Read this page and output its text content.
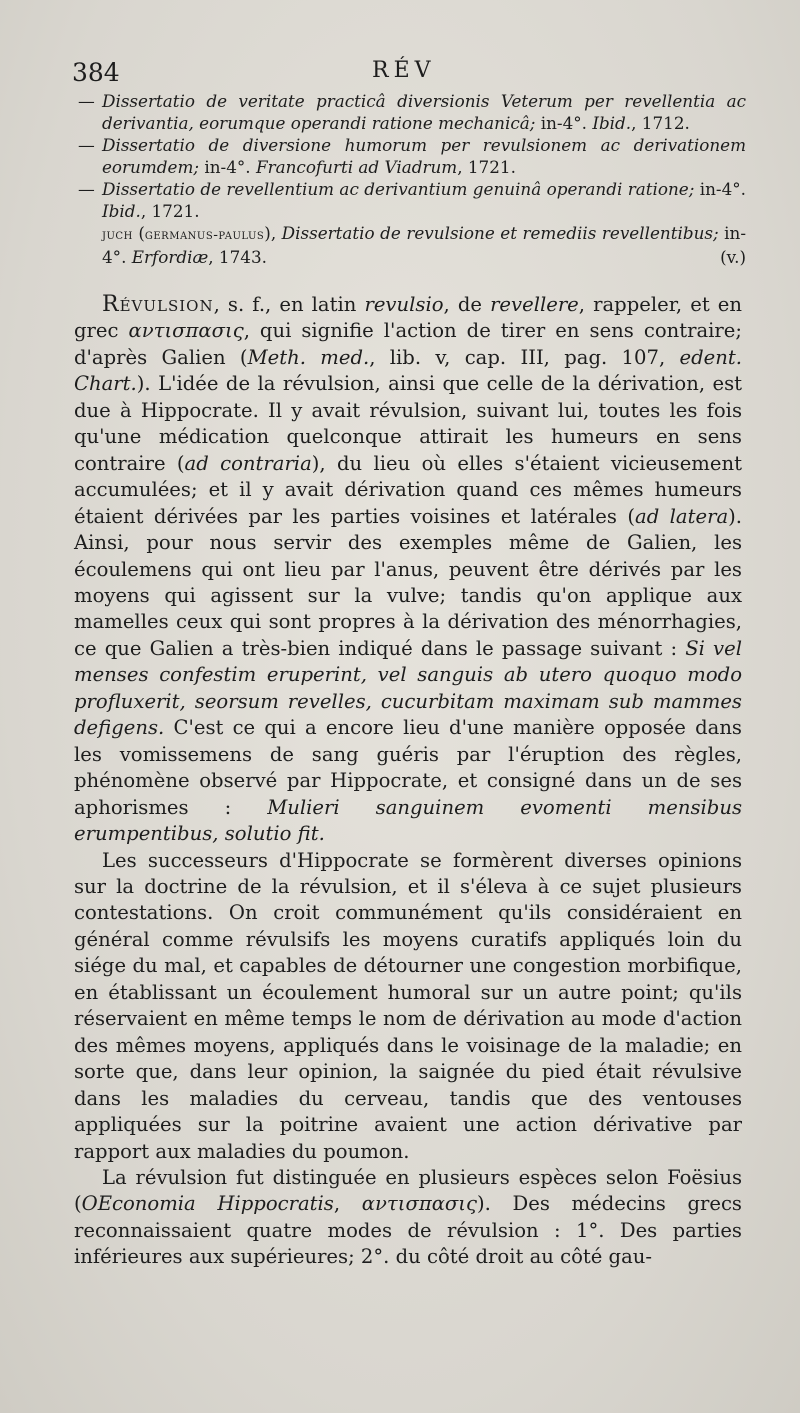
384	RÉV

— Dissertatio de veritate practicâ diversionis Veterum per revellentia ac derivantia, eorumque operandi ratione mechanicâ; in-4°. Ibid., 1712.

— Dissertatio de diversione humorum per revulsionem ac derivationem eorumdem; in-4°. Francofurti ad Viadrum, 1721.

— Dissertatio de revellentium ac derivantium genuinâ operandi ratione; in-4°. Ibid., 1721.

juch (germanus-paulus), Dissertatio de revulsione et remediis revellentibus; in-4°. Erfordiæ, 1743.	(v.)

Révulsion, s. f., en latin revulsio, de revellere, rappeler, et en grec αντισπασις, qui signifie l'action de tirer en sens contraire; d'après Galien (Meth. med., lib. v, cap. III, pag. 107, edent. Chart.). L'idée de la révulsion, ainsi que celle de la dérivation, est due à Hippocrate. Il y avait révulsion, suivant lui, toutes les fois qu'une médication quelconque attirait les humeurs en sens contraire (ad contraria), du lieu où elles s'étaient vicieusement accumulées; et il y avait dérivation quand ces mêmes humeurs étaient dérivées par les parties voisines et latérales (ad latera). Ainsi, pour nous servir des exemples même de Galien, les écoulemens qui ont lieu par l'anus, peuvent être dérivés par les moyens qui agissent sur la vulve; tandis qu'on applique aux mamelles ceux qui sont propres à la dérivation des ménorrhagies, ce que Galien a très-bien indiqué dans le passage suivant : Si vel menses confestim eruperint, vel sanguis ab utero quoquo modo profluxerit, seorsum revelles, cucurbitam maximam sub mammes defigens. C'est ce qui a encore lieu d'une manière opposée dans les vomissemens de sang guéris par l'éruption des règles, phénomène observé par Hippocrate, et consigné dans un de ses aphorismes : Mulieri sanguinem evomenti mensibus erumpentibus, solutio fit.

Les successeurs d'Hippocrate se formèrent diverses opinions sur la doctrine de la révulsion, et il s'éleva à ce sujet plusieurs contestations. On croit communément qu'ils considéraient en général comme révulsifs les moyens curatifs appliqués loin du siége du mal, et capables de détourner une congestion morbifique, en établissant un écoulement humoral sur un autre point; qu'ils réservaient en même temps le nom de dérivation au mode d'action des mêmes moyens, appliqués dans le voisinage de la maladie; en sorte que, dans leur opinion, la saignée du pied était révulsive dans les maladies du cerveau, tandis que des ventouses appliquées sur la poitrine avaient une action dérivative par rapport aux maladies du poumon.

La révulsion fut distinguée en plusieurs espèces selon Foësius (OEconomia Hippocratis, αντισπασις). Des médecins grecs reconnaissaient quatre modes de révulsion : 1°. Des parties inférieures aux supérieures; 2°. du côté droit au côté gau-
